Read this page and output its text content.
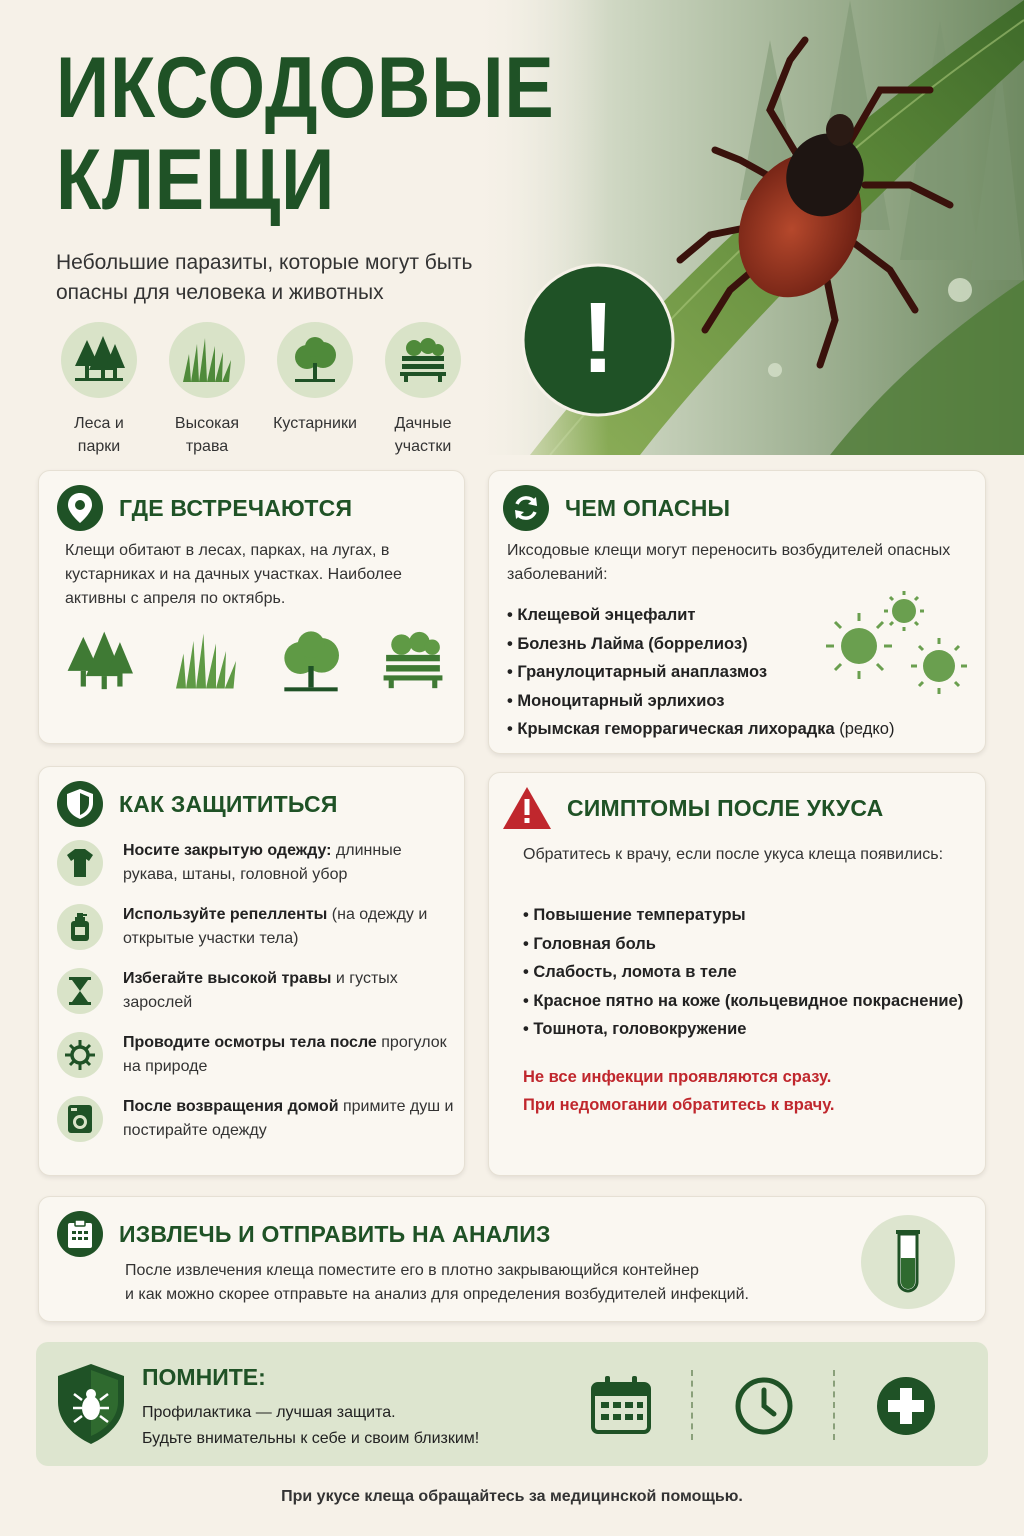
!
ИКСОДОВЫЕ
КЛЕЩИ
Небольшие паразиты, которые могут быть опасны для человека и животных
Леса и
парки
Высокая
трава
Кустарники	Дачные
участки
ГДЕ ВСТРЕЧАЮТСЯ

Клещи обитают в лесах, парках, на лугах, в кустарниках и на дачных участках. Наиболее активны с апреля по октябрь.

ЧЕМ ОПАСНЫ

Иксодовые клещи могут переносить возбудителей опасных заболеваний:

• Клещевой энцефалит
• Болезнь Лайма (боррелиоз)
• Гранулоцитарный анаплазмоз
• Моноцитарный эрлихиоз
• Крымская геморрагическая лихорадка (редко)
КАК ЗАЩИТИТЬСЯ
Носите закрытую одежду: длинные рукава, штаны, головной убор
Используйте репелленты (на одежду и открытые участки тела)
Избегайте высокой травы и густых зарослей
Проводите осмотры тела после прогулок на природе
После возвращения домой примите душ и постирайте одежду
СИМПТОМЫ ПОСЛЕ УКУСА

Обратитесь к врачу, если после укуса клеща появились:

• Повышение температуры
• Головная боль
• Слабость, ломота в теле
• Красное пятно на коже (кольцевидное покраснение)
• Тошнота, головокружение
Не все инфекции проявляются сразу.
При недомогании обратитесь к врачу.
ИЗВЛЕЧЬ И ОТПРАВИТЬ НА АНАЛИЗ

После извлечения клеща поместите его в плотно закрывающийся контейнер

и как можно скорее отправьте на анализ для определения возбудителей инфекций.

ПОМНИТЕ:
Профилактика — лучшая защита.
Будьте внимательны к себе и своим близким!
При укусе клеща обращайтесь за медицинской помощью.
